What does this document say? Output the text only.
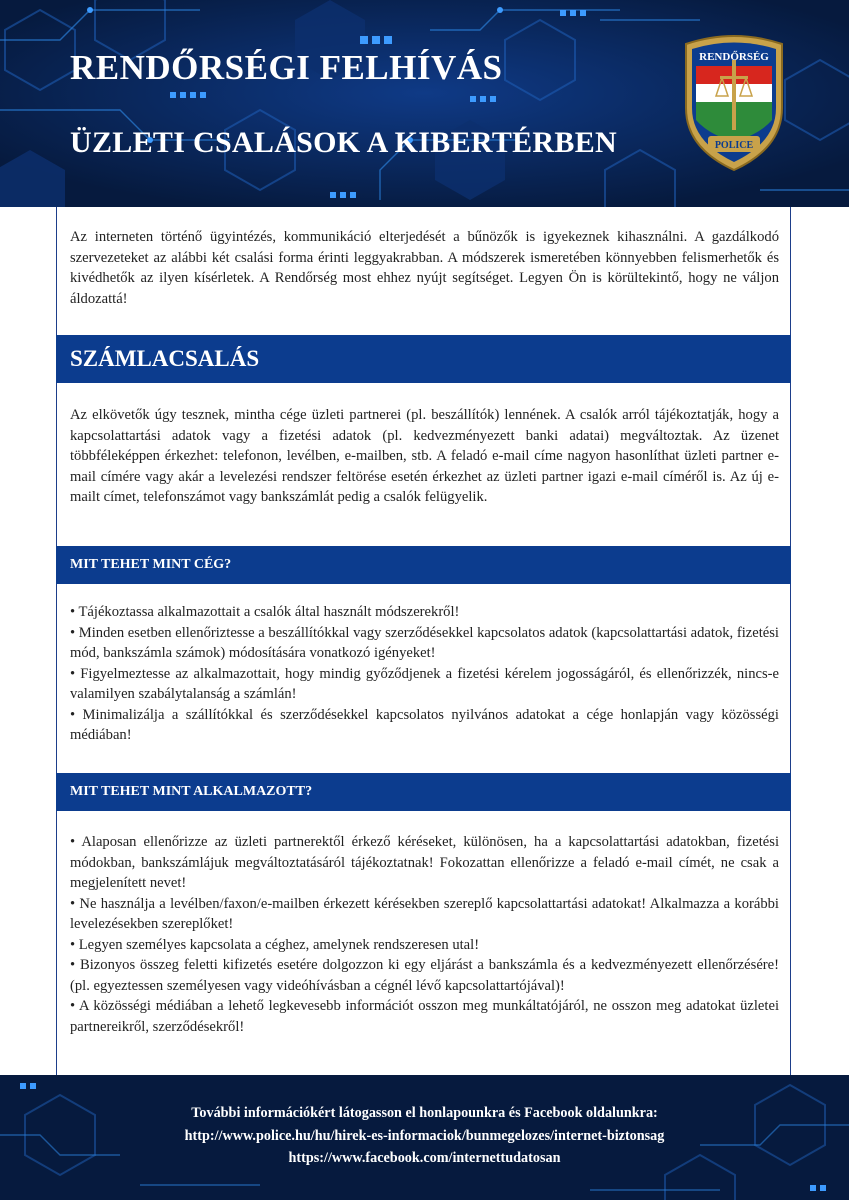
RENDŐRSÉGI FELHÍVÁS
ÜZLETI CSALÁSOK A KIBERTÉRBEN
RENDŐRSÉG
POLICE

Az interneten történő ügyintézés, kommunikáció elterjedését a bűnözők is igyekeznek kihasználni. A gazdálkodó szervezeteket az alábbi két csalási forma érinti leggyakrabban. A módszerek ismeretében könnyebben felismerhetők és kivédhetők az ilyen kísérletek. A Rendőrség most ehhez nyújt segítséget. Legyen Ön is körültekintő, hogy ne váljon áldozattá!

SZÁMLACSALÁS

Az elkövetők úgy tesznek, mintha cége üzleti partnerei (pl. beszállítók) lennének. A csalók arról tájékoztatják, hogy a kapcsolattartási adatok vagy a fizetési adatok (pl. kedvezményezett banki adatai) megváltoztak. Az üzenet többféleképpen érkezhet: telefonon, levélben, e-mailben, stb. A feladó e-mail címe nagyon hasonlíthat üzleti partner e-mail címére vagy akár a levelezési rendszer feltörése esetén érkezhet az üzleti partner igazi e-mail címéről is. Az új e-mailt címet, telefonszámot vagy bankszámlát pedig a csalók felügyelik.

MIT TEHET MINT CÉG?
• Tájékoztassa alkalmazottait a csalók által használt módszerekről!
• Minden esetben ellenőriztesse a beszállítókkal vagy szerződésekkel kapcsolatos adatok (kapcsolattartási adatok, fizetési mód, bankszámla számok) módosítására vonatkozó igényeket!
• Figyelmeztesse az alkalmazottait, hogy mindig győződjenek a fizetési kérelem jogosságáról, és ellenőrizzék, nincs-e valamilyen szabálytalanság a számlán!
• Minimalizálja a szállítókkal és szerződésekkel kapcsolatos nyilvános adatokat a cége honlapján vagy közösségi médiában!
MIT TEHET MINT ALKALMAZOTT?
• Alaposan ellenőrizze az üzleti partnerektől érkező kéréseket, különösen, ha a kapcsolattartási adatokban, fizetési módokban, bankszámlájuk megváltoztatásáról tájékoztatnak! Fokozattan ellenőrizze a feladó e-mail címét, ne csak a megjelenített nevet!
• Ne használja a levélben/faxon/e-mailben érkezett kérésekben szereplő kapcsolattartási adatokat! Alkalmazza a korábbi levelezésekben szereplőket!
• Legyen személyes kapcsolata a céghez, amelynek rendszeresen utal!
• Bizonyos összeg feletti kifizetés esetére dolgozzon ki egy eljárást a bankszámla és a kedvezményezett ellenőrzésére! (pl. egyeztessen személyesen vagy videóhívásban a cégnél lévő kapcsolattartójával)!
• A közösségi médiában a lehető legkevesebb információt osszon meg munkáltatójáról, ne osszon meg adatokat üzletei partnereikről, szerződésekről!

További információkért látogasson el honlapounkra és Facebook oldalunkra:

http://www.police.hu/hu/hirek-es-informaciok/bunmegelozes/internet-biztonsag

https://www.facebook.com/internettudatosan
